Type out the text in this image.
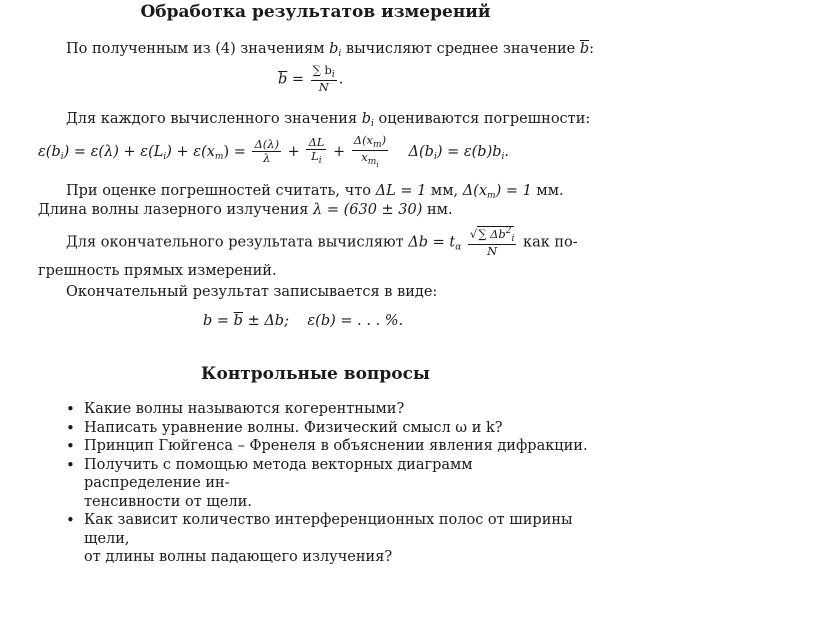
Обработка результатов измерений

По полученным из (4) значениям $b_i$ вычисляют среднее значение $\overline{b}$:

$\overline{b} = \frac{\sum b_i}{N}$ .

Для каждого вычисленного значения $b_i$ оцениваются погрешности:

$\varepsilon(b_i) = \varepsilon(\lambda) + \varepsilon(L_i) + \varepsilon(x_m) = \frac{\Delta(\lambda)}{\lambda} + \frac{\Delta L}{L_i} + \frac{\Delta(x_m)}{x_{m_i}} \Delta(b_i) = \varepsilon(b)b_i$.

При оценке погрешностей считать, что ΔL = 1 мм, $\Delta(x_m) = 1$ мм.

Длина волны лазерного излучения λ = (630 ± 30) нм.

Для окончательного результата вычисляют $\Delta b = t_\alpha \frac{√\sum \Delta b^2_i}{N}$ как по-

грешность прямых измерений.

Окончательный результат записывается в виде:

$b = \overline{b} \pm \Delta b$; ε(b) = . . . %.

Контрольные вопросы
• Какие волны называются когерентными?
• Написать уравнение волны. Физический смысл ω и k?
• Принцип Гюйгенса – Френеля в объяснении явления дифракции.
• Получить с помощью метода векторных диаграмм распределение ин-
тенсивности от щели.
• Как зависит количество интерференционных полос от ширины щели,
от длины волны падающего излучения?
